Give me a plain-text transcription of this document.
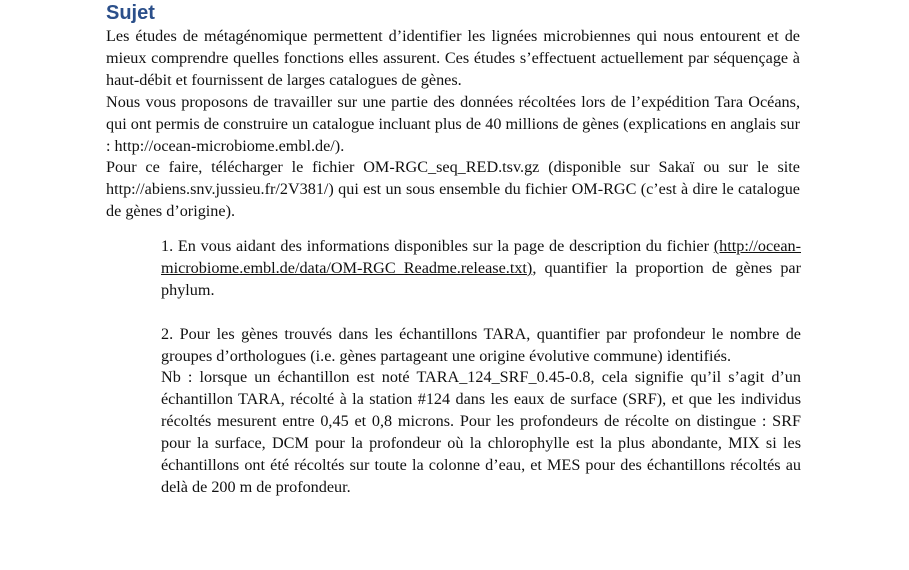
Sujet

Les études de métagénomique permettent d’identifier les lignées microbiennes qui nous entourent et de mieux comprendre quelles fonctions elles assurent. Ces études s’effectuent actuellement par séquençage à haut-débit et fournissent de larges catalogues de gènes.

Nous vous proposons de travailler sur une partie des données récoltées lors de l’expédition Tara Océans, qui ont permis de construire un catalogue incluant plus de 40 millions de gènes (explications en anglais sur : http://ocean-microbiome.embl.de/).

Pour ce faire, télécharger le fichier OM-RGC_seq_RED.tsv.gz (disponible sur Sakaï ou sur le site http://abiens.snv.jussieu.fr/2V381/) qui est un sous ensemble du fichier OM-RGC (c’est à dire le catalogue de gènes d’origine).

1. En vous aidant des informations disponibles sur la page de description du fichier (http://ocean-microbiome.embl.de/data/OM-RGC_Readme.release.txt), quantifier la proportion de gènes par phylum.

2. Pour les gènes trouvés dans les échantillons TARA, quantifier par profondeur le nombre de groupes d’orthologues (i.e. gènes partageant une origine évolutive commune) identifiés.

Nb : lorsque un échantillon est noté TARA_124_SRF_0.45-0.8, cela signifie qu’il s’agit d’un échantillon TARA, récolté à la station #124 dans les eaux de surface (SRF), et que les individus récoltés mesurent entre 0,45 et 0,8 microns. Pour les profondeurs de récolte on distingue : SRF pour la surface, DCM pour la profondeur où la chlorophylle est la plus abondante, MIX si les échantillons ont été récoltés sur toute la colonne d’eau, et MES pour des échantillons récoltés au delà de 200 m de profondeur.
